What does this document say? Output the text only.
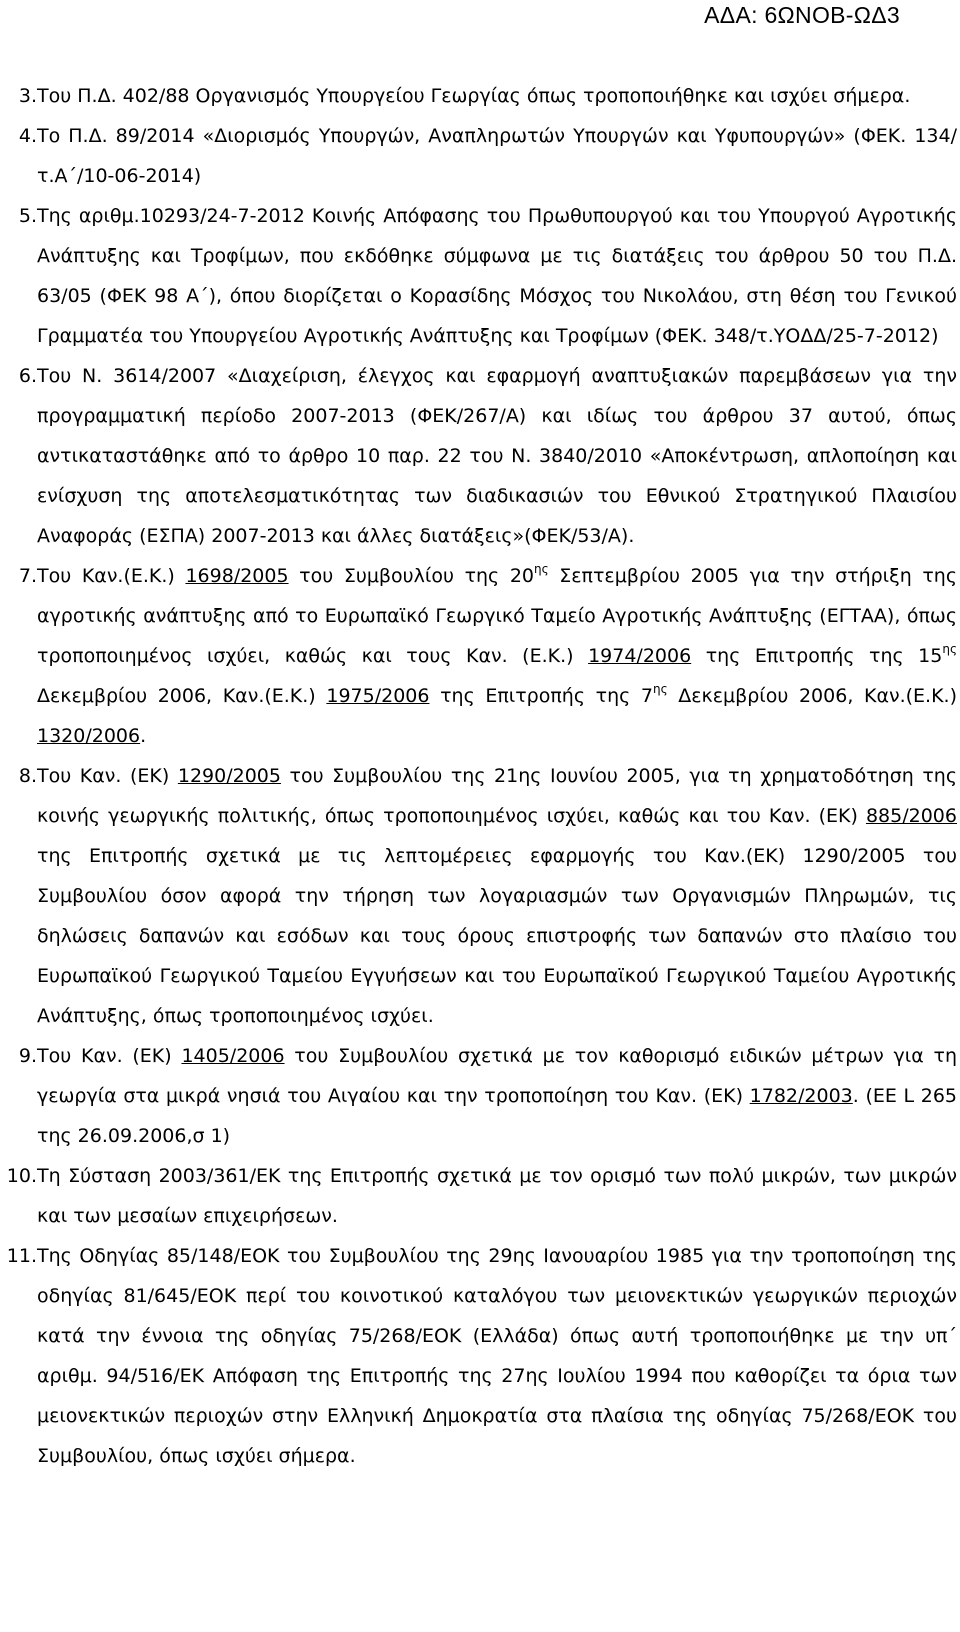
ΑΔΑ: 6ΩΝΟΒ-ΩΔ3
3. Του Π.Δ. 402/88 Οργανισμός Υπουργείου Γεωργίας όπως τροποποιήθηκε και ισχύει σήμερα.
4. Το Π.Δ. 89/2014 «Διορισμός Υπουργών, Αναπληρωτών Υπουργών και Υφυπουργών» (ΦΕΚ. 134/τ.Α΄/10-06-2014)
5. Της αριθμ.10293/24-7-2012 Κοινής Απόφασης του Πρωθυπουργού και του Υπουργού Αγροτικής Ανάπτυξης και Τροφίμων, που εκδόθηκε σύμφωνα με τις διατάξεις του άρθρου 50 του Π.Δ. 63/05 (ΦΕΚ 98 Α΄), όπου διορίζεται ο Κορασίδης Μόσχος του Νικολάου, στη θέση του Γενικού Γραμματέα του Υπουργείου Αγροτικής Ανάπτυξης και Τροφίμων (ΦΕΚ. 348/τ.ΥΟΔΔ/25-7-2012)
6. Του Ν. 3614/2007 «Διαχείριση, έλεγχος και εφαρμογή αναπτυξιακών παρεμβάσεων για την προγραμματική περίοδο 2007-2013 (ΦΕΚ/267/Α) και ιδίως του άρθρου 37 αυτού, όπως αντικαταστάθηκε από το άρθρο 10 παρ. 22 του Ν. 3840/2010 «Αποκέντρωση, απλοποίηση και ενίσχυση της αποτελεσματικότητας των διαδικασιών του Εθνικού Στρατηγικού Πλαισίου Αναφοράς (ΕΣΠΑ) 2007-2013 και άλλες διατάξεις»(ΦΕΚ/53/Α).
7. Του Καν.(Ε.Κ.) 1698/2005 του Συμβουλίου της $20^{\eta\varsigma}$ Σεπτεμβρίου 2005 για την στήριξη της αγροτικής ανάπτυξης από το Ευρωπαϊκό Γεωργικό Ταμείο Αγροτικής Ανάπτυξης (ΕΓΤΑΑ), όπως τροποποιημένος ισχύει, καθώς και τους Καν. (Ε.Κ.) 1974/2006 της Επιτροπής της $15^{\eta\varsigma}$ Δεκεμβρίου 2006, Καν.(Ε.Κ.) 1975/2006 της Επιτροπής της $7^{\eta\varsigma}$ Δεκεμβρίου 2006, Καν.(Ε.Κ.) 1320/2006.
8. Του Καν. (ΕΚ) 1290/2005 του Συμβουλίου της 21ης Ιουνίου 2005, για τη χρηματοδότηση της κοινής γεωργικής πολιτικής, όπως τροποποιημένος ισχύει, καθώς και του Καν. (ΕΚ) 885/2006 της Επιτροπής σχετικά με τις λεπτομέρειες εφαρμογής του Καν.(ΕΚ) 1290/2005 του Συμβουλίου όσον αφορά την τήρηση των λογαριασμών των Οργανισμών Πληρωμών, τις δηλώσεις δαπανών και εσόδων και τους όρους επιστροφής των δαπανών στο πλαίσιο του Ευρωπαϊκού Γεωργικού Ταμείου Εγγυήσεων και του Ευρωπαϊκού Γεωργικού Ταμείου Αγροτικής Ανάπτυξης, όπως τροποποιημένος ισχύει.
9. Του Καν. (ΕΚ) 1405/2006 του Συμβουλίου σχετικά με τον καθορισμό ειδικών μέτρων για τη γεωργία στα μικρά νησιά του Αιγαίου και την τροποποίηση του Καν. (ΕΚ) 1782/2003. (ΕΕ L 265 της 26.09.2006,σ 1)
10. Τη Σύσταση 2003/361/ΕΚ της Επιτροπής σχετικά με τον ορισμό των πολύ μικρών, των μικρών και των μεσαίων επιχειρήσεων.
11. Της Οδηγίας 85/148/ΕΟΚ του Συμβουλίου της 29ης Ιανουαρίου 1985 για την τροποποίηση της οδηγίας 81/645/ΕΟΚ περί του κοινοτικού καταλόγου των μειονεκτικών γεωργικών περιοχών κατά την έννοια της οδηγίας 75/268/ΕΟΚ (Ελλάδα) όπως αυτή τροποποιήθηκε με την υπ΄ αριθμ. 94/516/ΕΚ Απόφαση της Επιτροπής της 27ης Ιουλίου 1994 που καθορίζει τα όρια των μειονεκτικών περιοχών στην Ελληνική Δημοκρατία στα πλαίσια της οδηγίας 75/268/ΕΟΚ του Συμβουλίου, όπως ισχύει σήμερα.
